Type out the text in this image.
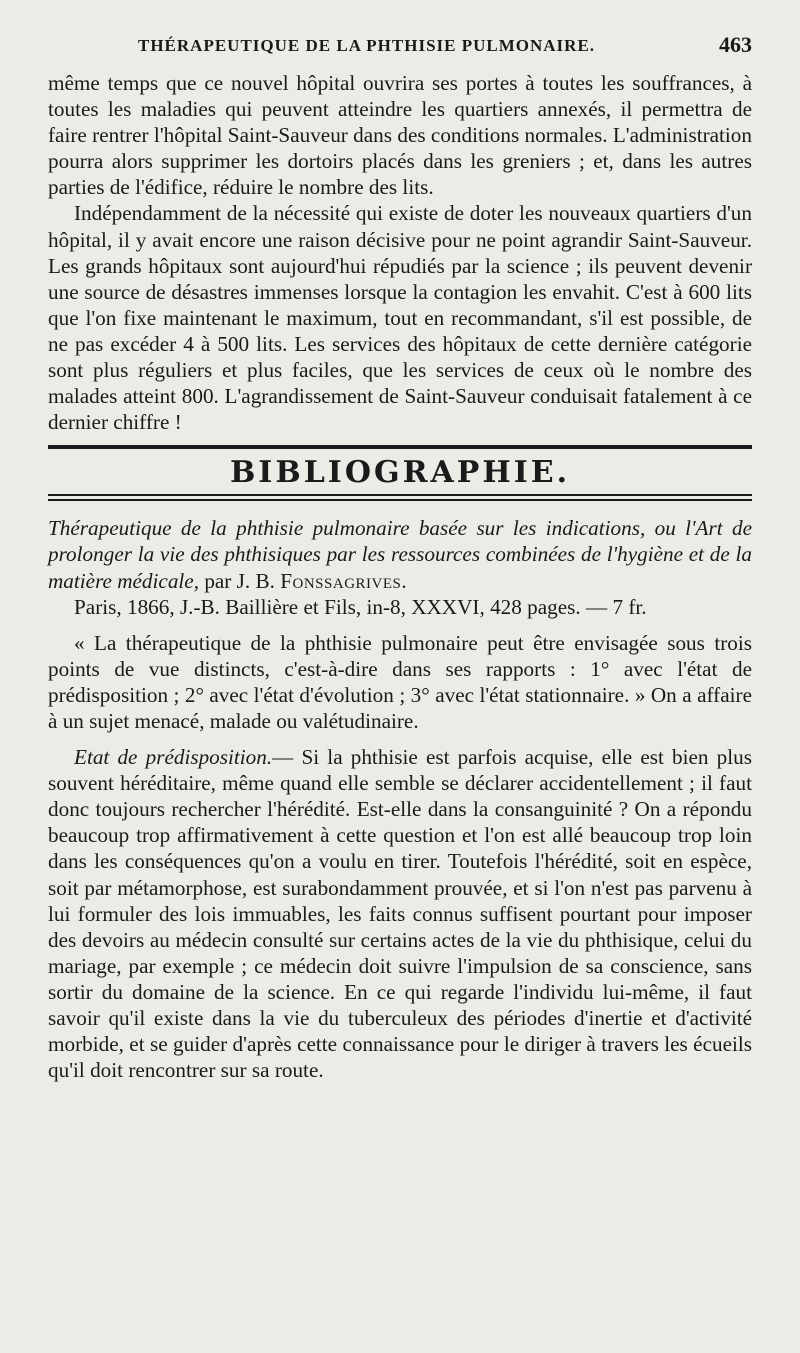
THÉRAPEUTIQUE DE LA PHTHISIE PULMONAIRE.	463

même temps que ce nouvel hôpital ouvrira ses portes à toutes les souffrances, à toutes les maladies qui peuvent atteindre les quartiers annexés, il permettra de faire rentrer l'hôpital Saint-Sauveur dans des conditions normales. L'administration pourra alors supprimer les dortoirs placés dans les greniers ; et, dans les autres parties de l'édifice, réduire le nombre des lits.

Indépendamment de la nécessité qui existe de doter les nouveaux quartiers d'un hôpital, il y avait encore une raison décisive pour ne point agrandir Saint-Sauveur. Les grands hôpitaux sont aujourd'hui répudiés par la science ; ils peuvent devenir une source de désastres immenses lorsque la contagion les envahit. C'est à 600 lits que l'on fixe maintenant le maximum, tout en recommandant, s'il est possible, de ne pas excéder 4 à 500 lits. Les services des hôpitaux de cette dernière catégorie sont plus réguliers et plus faciles, que les services de ceux où le nombre des malades atteint 800. L'agrandissement de Saint-Sauveur conduisait fatalement à ce dernier chiffre !

BIBLIOGRAPHIE.
Thérapeutique de la phthisie pulmonaire basée sur les indications, ou l'Art de prolonger la vie des phthisiques par les ressources combinées de l'hygiène et de la matière médicale, par J. B. Fonssagrives.
Paris, 1866, J.-B. Baillière et Fils, in-8, XXXVI, 428 pages. — 7 fr.

« La thérapeutique de la phthisie pulmonaire peut être envisagée sous trois points de vue distincts, c'est-à-dire dans ses rapports : 1° avec l'état de prédisposition ; 2° avec l'état d'évolution ; 3° avec l'état stationnaire. » On a affaire à un sujet menacé, malade ou valétudinaire.

Etat de prédisposition.— Si la phthisie est parfois acquise, elle est bien plus souvent héréditaire, même quand elle semble se déclarer accidentellement ; il faut donc toujours rechercher l'hérédité. Est-elle dans la consanguinité ? On a répondu beaucoup trop affirmativement à cette question et l'on est allé beaucoup trop loin dans les conséquences qu'on a voulu en tirer. Toutefois l'hérédité, soit en espèce, soit par métamorphose, est surabondamment prouvée, et si l'on n'est pas parvenu à lui formuler des lois immuables, les faits connus suffisent pourtant pour imposer des devoirs au médecin consulté sur certains actes de la vie du phthisique, celui du mariage, par exemple ; ce médecin doit suivre l'impulsion de sa conscience, sans sortir du domaine de la science. En ce qui regarde l'individu lui-même, il faut savoir qu'il existe dans la vie du tuberculeux des périodes d'inertie et d'activité morbide, et se guider d'après cette connaissance pour le diriger à travers les écueils qu'il doit rencontrer sur sa route.
